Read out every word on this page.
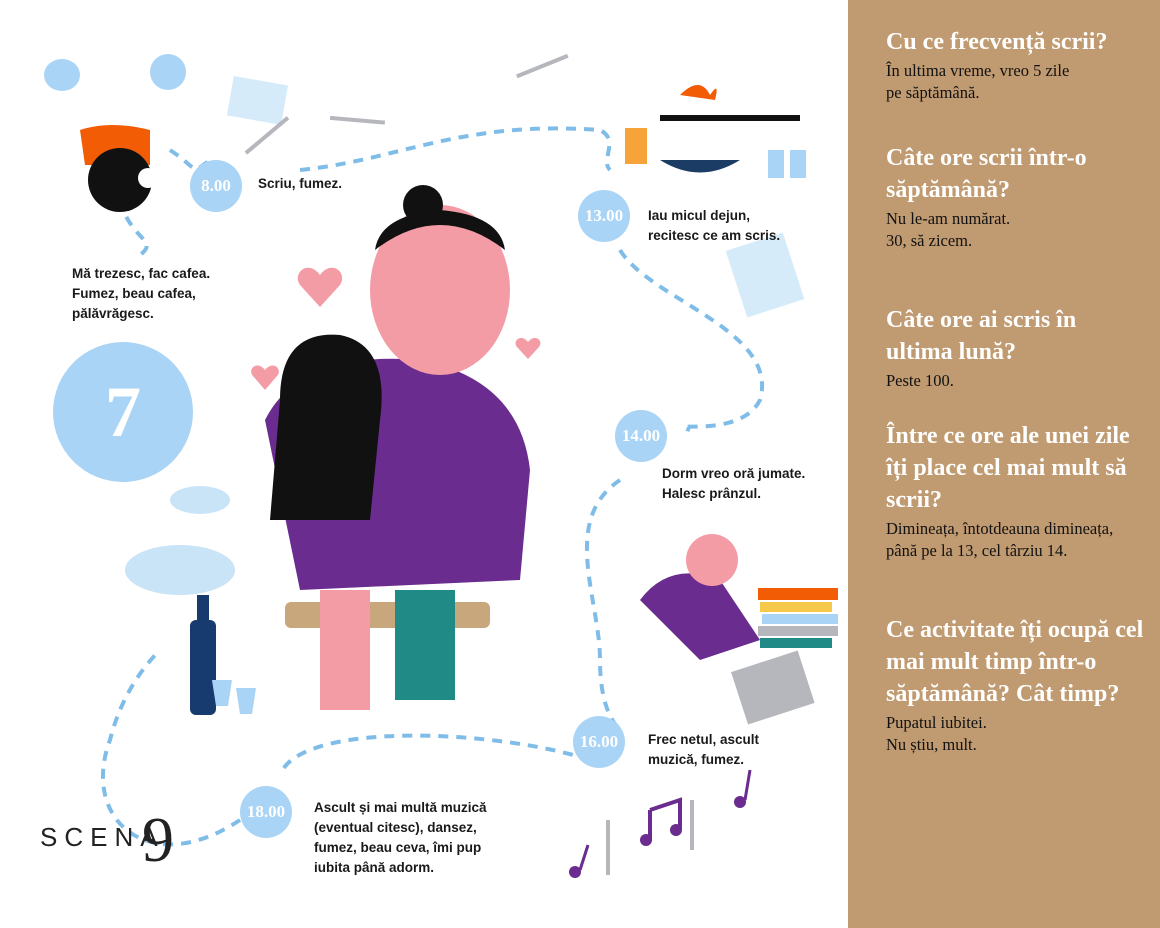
Mă trezesc, fac cafea.
Fumez, beau cafea,
pălăvrăgesc.
8.00	Scriu, fumez.
13.00	Iau micul dejun,
recitesc ce am scris.
14.00
Dorm vreo oră jumate.
Halesc prânzul.
16.00	Frec netul, ascult
muzică, fumez.
18.00	Ascult și mai multă muzică
(eventual citesc), dansez,
fumez, beau ceva, îmi pup
iubita până adorm.
7
SCENA
9

Cu ce frecvență scrii?

În ultima vreme, vreo 5 zile
pe săptămână.

Câte ore scrii într-o săptămână?

Nu le-am numărat.
30, să zicem.

Câte ore ai scris în ultima lună?

Peste 100.

Între ce ore ale unei zile îți place cel mai mult să scrii?

Dimineața, întotdeauna dimineața, până pe la 13, cel târziu 14.

Ce activitate îți ocupă cel mai mult timp într-o săptămână? Cât timp?

Pupatul iubitei.
Nu știu, mult.
